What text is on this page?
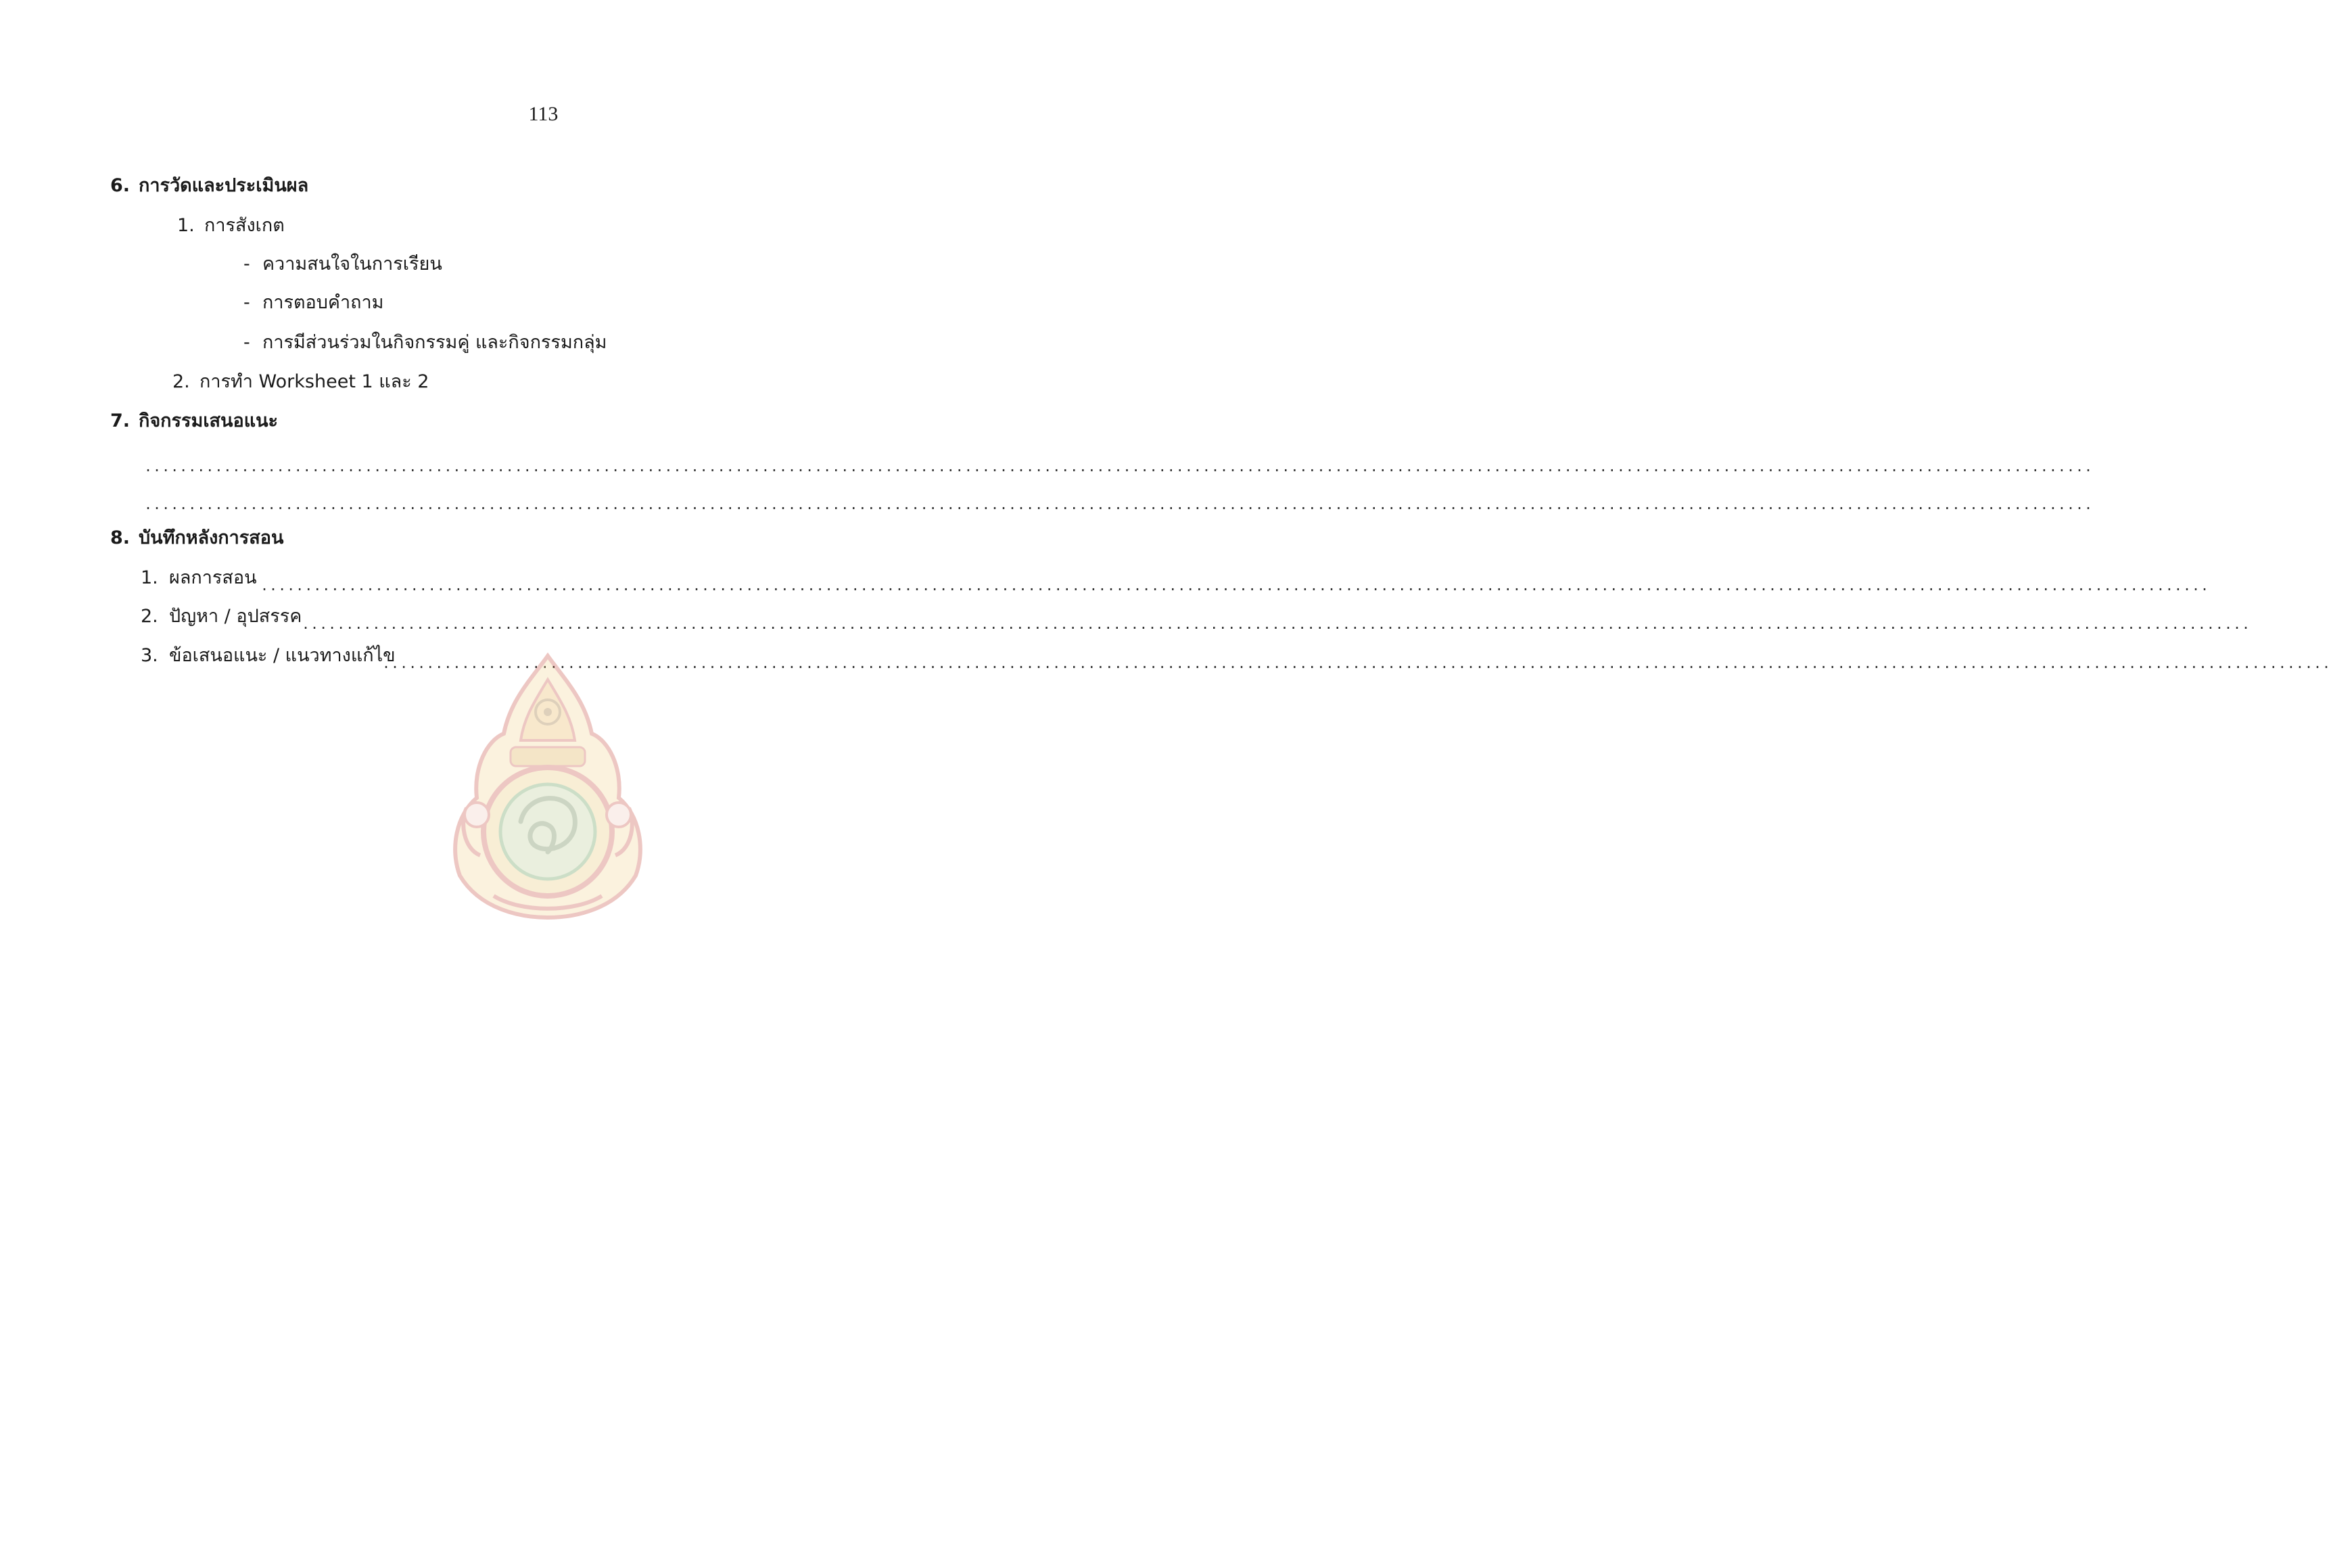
113
6. การวัดและประเมินผล
1. การสังเกต
- ความสนใจในการเรียน
- การตอบคำถาม
- การมีส่วนร่วมในกิจกรรมคู่ และกิจกรรมกลุ่ม
2. การทำ Worksheet 1 และ 2
7. กิจกรรมเสนอแนะ
.............................................................................................................................................................................................................................
.............................................................................................................................................................................................................................
8. บันทึกหลังการสอน
1. ผลการสอน .............................................................................................................................................................................................................................
2. ปัญหา / อุปสรรค .............................................................................................................................................................................................................................
3. ข้อเสนอแนะ / แนวทางแก้ไข
.............................................................................................................................................................................................................................
